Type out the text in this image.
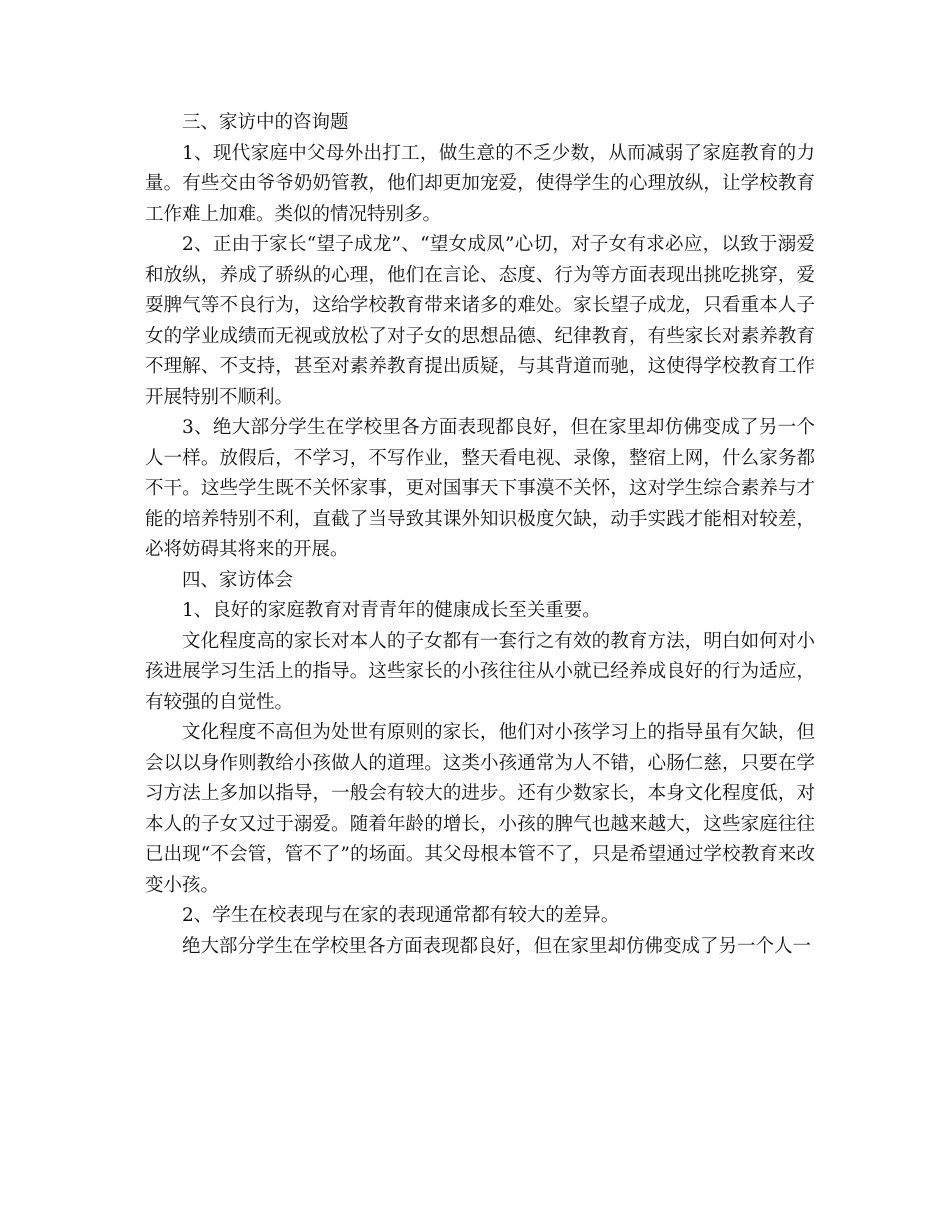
三、家访中的咨询题

1、现代家庭中父母外出打工，做生意的不乏少数，从而减弱了家庭教育的力量。有些交由爷爷奶奶管教，他们却更加宠爱，使得学生的心理放纵，让学校教育工作难上加难。类似的情况特别多。

2、正由于家长“望子成龙”、“望女成凤”心切，对子女有求必应，以致于溺爱和放纵，养成了骄纵的心理，他们在言论、态度、行为等方面表现出挑吃挑穿，爱耍脾气等不良行为，这给学校教育带来诸多的难处。家长望子成龙，只看重本人子女的学业成绩而无视或放松了对子女的思想品德、纪律教育，有些家长对素养教育不理解、不支持，甚至对素养教育提出质疑，与其背道而驰，这使得学校教育工作开展特别不顺利。

3、绝大部分学生在学校里各方面表现都良好，但在家里却仿佛变成了另一个人一样。放假后，不学习，不写作业，整天看电视、录像，整宿上网，什么家务都不干。这些学生既不关怀家事，更对国事天下事漠不关怀，这对学生综合素养与才能的培养特别不利，直截了当导致其课外知识极度欠缺，动手实践才能相对较差，必将妨碍其将来的开展。

四、家访体会

1、良好的家庭教育对青青年的健康成长至关重要。

文化程度高的家长对本人的子女都有一套行之有效的教育方法，明白如何对小孩进展学习生活上的指导。这些家长的小孩往往从小就已经养成良好的行为适应，有较强的自觉性。

文化程度不高但为处世有原则的家长，他们对小孩学习上的指导虽有欠缺，但会以以身作则教给小孩做人的道理。这类小孩通常为人不错，心肠仁慈，只要在学习方法上多加以指导，一般会有较大的进步。还有少数家长，本身文化程度低，对本人的子女又过于溺爱。随着年龄的增长，小孩的脾气也越来越大，这些家庭往往已出现“不会管，管不了”的场面。其父母根本管不了，只是希望通过学校教育来改变小孩。

2、学生在校表现与在家的表现通常都有较大的差异。

绝大部分学生在学校里各方面表现都良好，但在家里却仿佛变成了另一个人一
